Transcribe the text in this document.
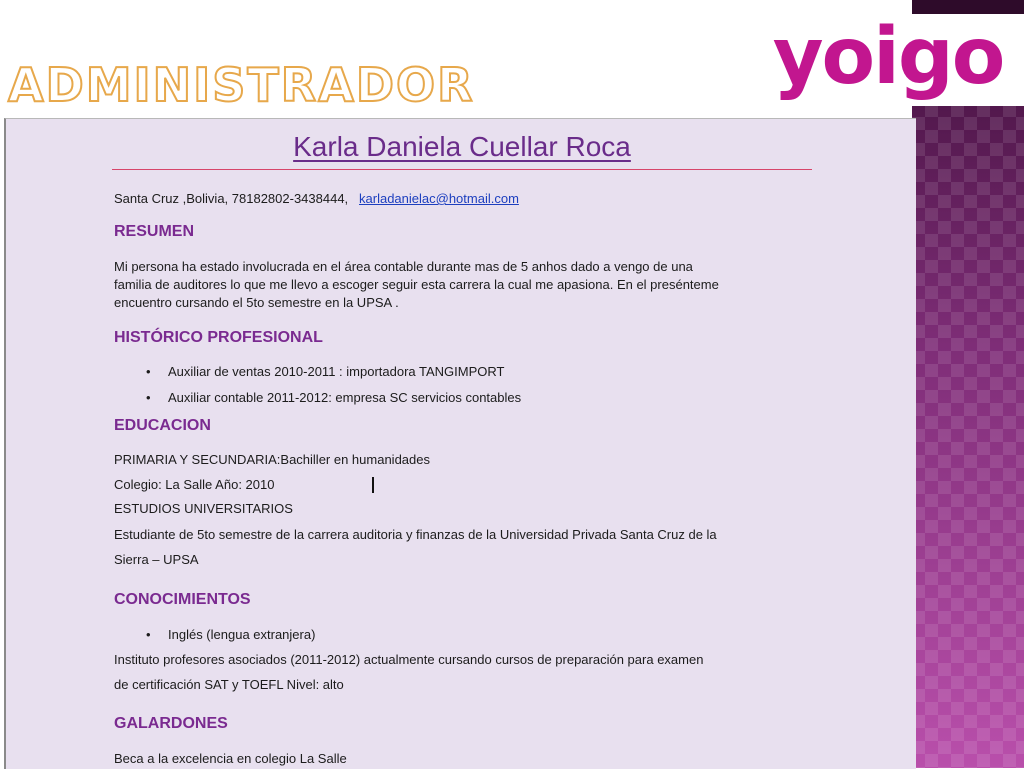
yoigo
ADMINISTRADOR
Karla Daniela Cuellar Roca
Santa Cruz ,Bolivia, 78182802-3438444, karladanielac@hotmail.com
RESUMEN
Mi persona ha estado involucrada en el área contable durante mas de 5 anhos dado a vengo de una
familia de auditores lo que me llevo a escoger seguir esta carrera la cual me apasiona. En el presénteme
encuentro cursando el 5to semestre en la UPSA .
HISTÓRICO PROFESIONAL
• Auxiliar de ventas 2010-2011 : importadora TANGIMPORT
• Auxiliar contable 2011-2012: empresa SC servicios contables
EDUCACION
PRIMARIA Y SECUNDARIA:Bachiller en humanidades
Colegio: La Salle Año: 2010
ESTUDIOS UNIVERSITARIOS
Estudiante de 5to semestre de la carrera auditoria y finanzas de la Universidad Privada Santa Cruz de la
Sierra – UPSA
CONOCIMIENTOS
• Inglés (lengua extranjera)
Instituto profesores asociados (2011-2012) actualmente cursando cursos de preparación para examen
de certificación SAT y TOEFL Nivel: alto
GALARDONES
Beca a la excelencia en colegio La Salle
